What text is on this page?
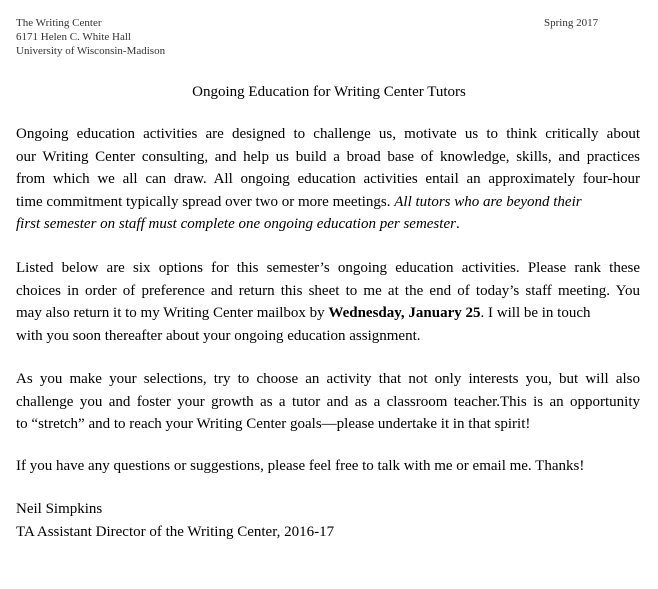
The Writing Center
6171 Helen C. White Hall
University of Wisconsin-Madison
Spring 2017
Ongoing Education for Writing Center Tutors
Ongoing education activities are designed to challenge us, motivate us to think critically about
our Writing Center consulting, and help us build a broad base of knowledge, skills, and practices
from which we all can draw. All ongoing education activities entail an approximately four-hour
time commitment typically spread over two or more meetings. All tutors who are beyond their
first semester on staff must complete one ongoing education per semester.
Listed below are six options for this semester’s ongoing education activities. Please rank these
choices in order of preference and return this sheet to me at the end of today’s staff meeting. You
may also return it to my Writing Center mailbox by Wednesday, January 25. I will be in touch
with you soon thereafter about your ongoing education assignment.
As you make your selections, try to choose an activity that not only interests you, but will also
challenge you and foster your growth as a tutor and as a classroom teacher.This is an opportunity
to “stretch” and to reach your Writing Center goals—please undertake it in that spirit!
If you have any questions or suggestions, please feel free to talk with me or email me. Thanks!
Neil Simpkins
TA Assistant Director of the Writing Center, 2016-17
